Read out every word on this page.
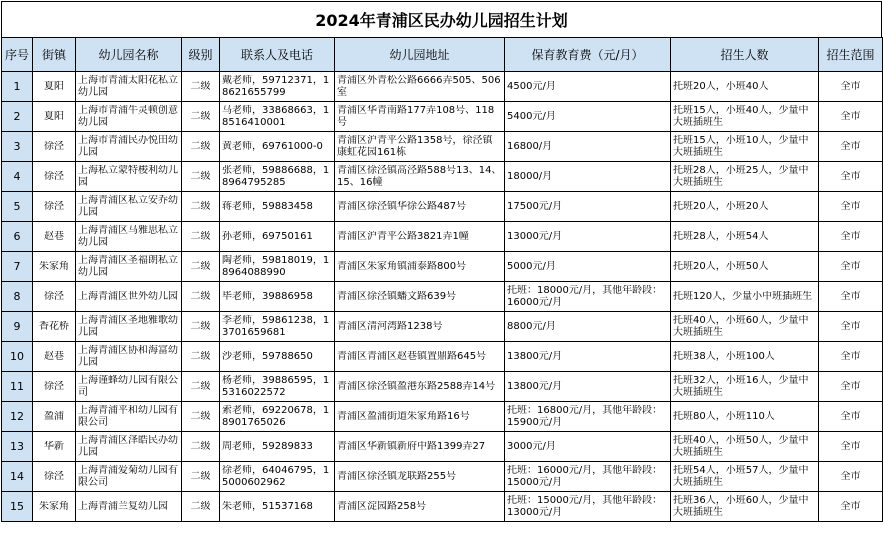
2024年青浦区民办幼儿园招生计划
序号	街镇	幼儿园名称	级别	联系人及电话	幼儿园地址	保育教育费（元/月）	招生人数	招生范围

1	夏阳	上海市青浦太阳花私立幼儿园	二级	戴老师，59712371，18621655799	青浦区外青松公路6666弄505、506室	4500元/月	托班20人，小班40人	全市

2	夏阳	上海市青浦牛灵顿创意幼儿园	二级	马老师，33868663，18516410001	青浦区华青南路177弄108号、118号	5400元/月	托班15人，小班40人，少量中大班插班生	全市

3	徐泾	上海市青浦民办悦田幼儿园	二级	黄老师，69761000-0	青浦区沪青平公路1358号，徐泾镇康虹花园161栋	16800/月	托班15人，小班10人，少量中大班插班生	全市

4	徐泾	上海私立蒙特梭利幼儿园	二级	张老师，59886688，18964795285	青浦区徐泾镇高泾路588号13、14、15、16幢	18000/月	托班28人，小班25人，少量中大班插班生	全市

5	徐泾	上海青浦区私立安乔幼儿园	二级	蒋老师，59883458	青浦区徐泾镇华徐公路487号	17500元/月	托班20人，小班20人	全市

6	赵巷	上海青浦区马雅思私立幼儿园	二级	孙老师，69750161	青浦区沪青平公路3821弄1幢	13000元/月	托班28人，小班54人	全市

7	朱家角	上海青浦区圣福朗私立幼儿园	二级	陶老师，59818019，18964088990	青浦区朱家角镇浦泰路800号	5000元/月	托班20人，小班50人	全市

8	徐泾	上海青浦区世外幼儿园	二级	毕老师，39886958	青浦区徐泾镇蟠文路639号	托班：18000元/月，其他年龄段：16000元/月	托班120人，少量小中班插班生	全市

9	香花桥	上海青浦区圣地雅歌幼儿园	二级	李老师，59861238，13701659681	青浦区清河湾路1238号	8800元/月	托班40人，小班60人，少量中大班插班生	全市

10	赵巷	上海青浦区协和海富幼儿园	二级	沙老师，59788650	青浦区青浦区赵巷镇置鼎路645号	13800元/月	托班38人，小班100人	全市

11	徐泾	上海谨蜂幼儿园有限公司	二级	杨老师，39886595，15316022572	青浦区徐泾镇盈港东路2588弄14号	13800元/月	托班32人，小班16人，少量中大班插班生	全市

12	盈浦	上海青浦平和幼儿园有限公司	二级	索老师，69220678，18901765026	青浦区盈浦街道朱家角路16号	托班：16800元/月，其他年龄段：15900元/月	托班80人，小班110人	全市

13	华新	上海青浦区泽皓民办幼儿园	二级	周老师，59289833	青浦区华新镇新府中路1399弄27	3000元/月	托班40人，小班50人，少量中大班插班生	全市

14	徐泾	上海青浦爱菊幼儿园有限公司	二级	徐老师，64046795，15000602962	青浦区徐泾镇龙联路255号	托班：16000元/月，其他年龄段：15000元/月	托班54人，小班57人，少量中大班插班生	全市

15	朱家角	上海青浦兰复幼儿园	二级	朱老师，51537168	青浦区淀园路258号	托班：15000元/月，其他年龄段：13000元/月	托班36人，小班60人，少量中大班插班生	全市
